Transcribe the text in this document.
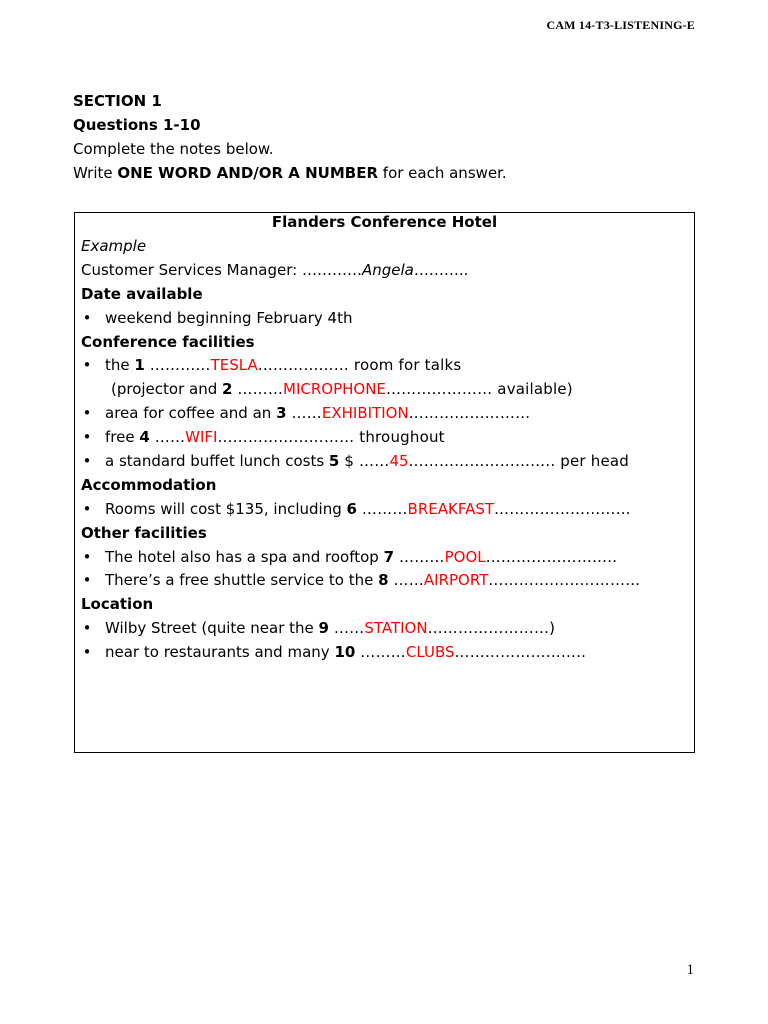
CAM 14-T3-LISTENING-E
SECTION 1
Questions 1-10
Complete the notes below.
Write ONE WORD AND/OR A NUMBER for each answer.
Flanders Conference Hotel
Example
Customer Services Manager: …………Angela………..
Date available
• weekend beginning February 4th
Conference facilities
• the 1 …………TESLA……………… room for talks
(projector and 2 ………MICROPHONE………………… available)
• area for coffee and an 3 ……EXHIBITION……………………
• free 4 ……WIFI……………………… throughout
• a standard buffet lunch costs 5 $ ……45……………………….. per head
Accommodation
• Rooms will cost $135, including 6 ………BREAKFAST………………………
Other facilities
• The hotel also has a spa and rooftop 7 ………POOL……………………..
• There’s a free shuttle service to the 8 ……AIRPORT…………………………
Location
• Wilby Street (quite near the 9 ……STATION……………………)
• near to restaurants and many 10 ………CLUBS……………………..
1
